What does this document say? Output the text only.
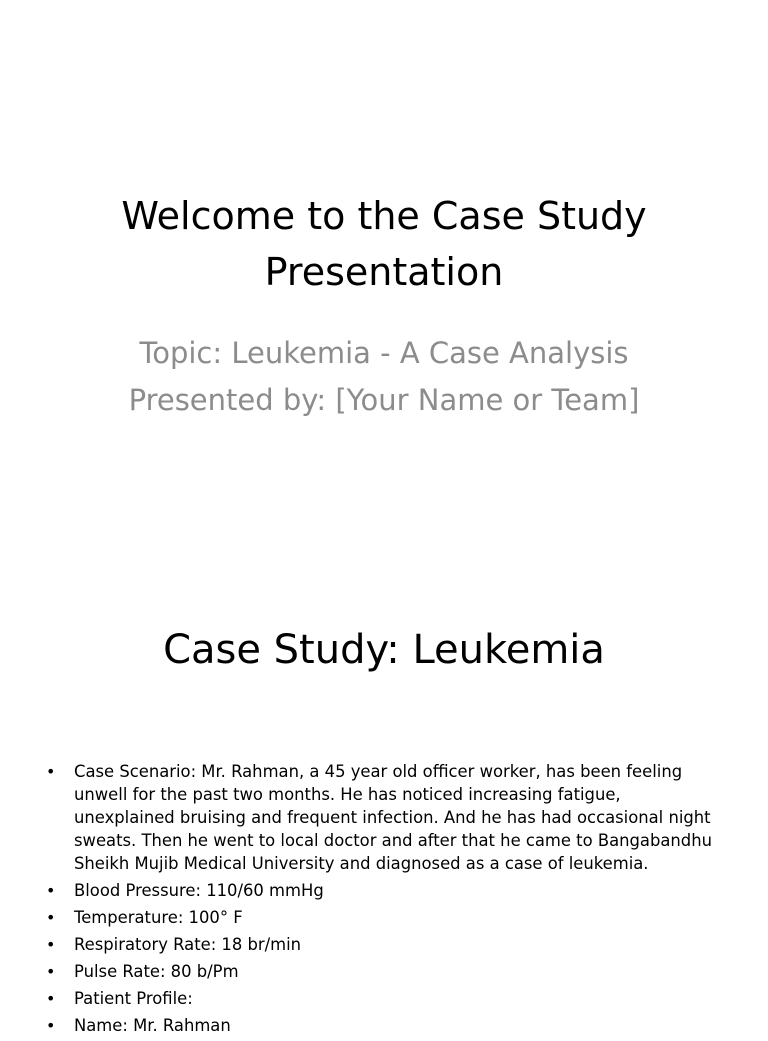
Welcome to the Case Study
Presentation
Topic: Leukemia - A Case Analysis
Presented by: [Your Name or Team]
Case Study: Leukemia
• Case Scenario: Mr. Rahman, a 45 year old officer worker, has been feeling unwell for the past two months. He has noticed increasing fatigue, unexplained bruising and frequent infection. And he has had occasional night sweats. Then he went to local doctor and after that he came to Bangabandhu Sheikh Mujib Medical University and diagnosed as a case of leukemia.
• Blood Pressure: 110/60 mmHg
• Temperature: 100° F
• Respiratory Rate: 18 br/min
• Pulse Rate: 80 b/Pm
• Patient Profile:
• Name: Mr. Rahman
